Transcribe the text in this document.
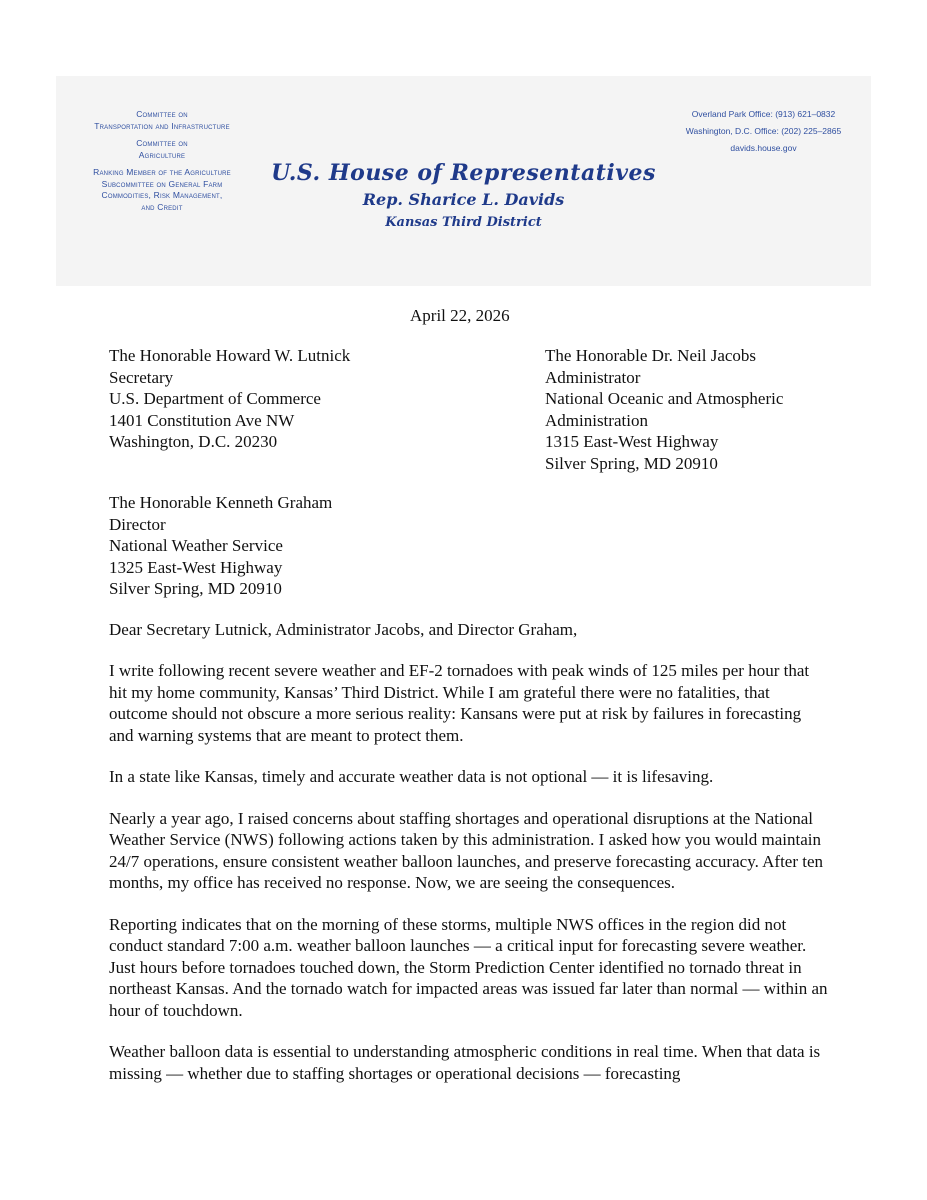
Committee on
Transportation and Infrastructure
Committee on
Agriculture
Ranking Member of the Agriculture
Subcommittee on General Farm
Commodities, Risk Management,
and Credit
U.S. House of Representatives
Rep. Sharice L. Davids
Kansas Third District
Overland Park Office: (913) 621–0832
Washington, D.C. Office: (202) 225–2865
davids.house.gov
April 22, 2026
The Honorable Howard W. Lutnick
Secretary
U.S. Department of Commerce
1401 Constitution Ave NW
Washington, D.C. 20230
The Honorable Dr. Neil Jacobs
Administrator
National Oceanic and Atmospheric
Administration
1315 East-West Highway
Silver Spring, MD 20910
The Honorable Kenneth Graham
Director
National Weather Service
1325 East-West Highway
Silver Spring, MD 20910
Dear Secretary Lutnick, Administrator Jacobs, and Director Graham,

I write following recent severe weather and EF-2 tornadoes with peak winds of 125 miles per hour that hit my home community, Kansas’ Third District. While I am grateful there were no fatalities, that outcome should not obscure a more serious reality: Kansans were put at risk by failures in forecasting and warning systems that are meant to protect them.

In a state like Kansas, timely and accurate weather data is not optional — it is lifesaving.

Nearly a year ago, I raised concerns about staffing shortages and operational disruptions at the National Weather Service (NWS) following actions taken by this administration. I asked how you would maintain 24/7 operations, ensure consistent weather balloon launches, and preserve forecasting accuracy. After ten months, my office has received no response. Now, we are seeing the consequences.

Reporting indicates that on the morning of these storms, multiple NWS offices in the region did not conduct standard 7:00 a.m. weather balloon launches — a critical input for forecasting severe weather. Just hours before tornadoes touched down, the Storm Prediction Center identified no tornado threat in northeast Kansas. And the tornado watch for impacted areas was issued far later than normal — within an hour of touchdown.

Weather balloon data is essential to understanding atmospheric conditions in real time. When that data is missing — whether due to staffing shortages or operational decisions — forecasting
